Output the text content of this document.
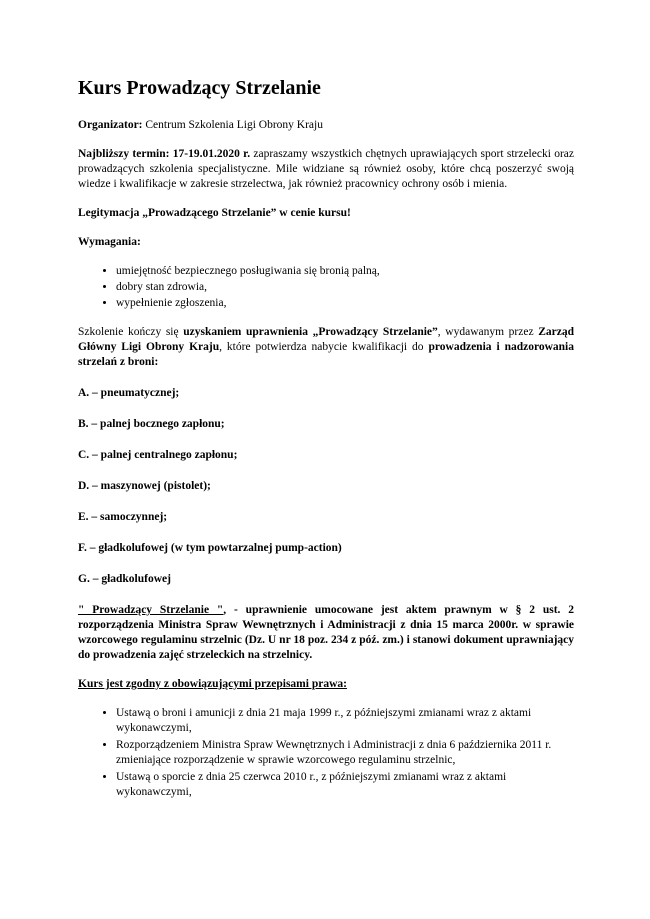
Kurs Prowadzący Strzelanie

Organizator: Centrum Szkolenia Ligi Obrony Kraju

Najbliższy termin: 17-19.01.2020 r. zapraszamy wszystkich chętnych uprawiających sport strzelecki oraz prowadzących szkolenia specjalistyczne. Mile widziane są również osoby, które chcą poszerzyć swoją wiedze i kwalifikacje w zakresie strzelectwa, jak również pracownicy ochrony osób i mienia.

Legitymacja „Prowadzącego Strzelanie” w cenie kursu!

Wymagania:

• umiejętność bezpiecznego posługiwania się bronią palną,
• dobry stan zdrowia,
• wypełnienie zgłoszenia,

Szkolenie kończy się uzyskaniem uprawnienia „Prowadzący Strzelanie”, wydawanym przez Zarząd Główny Ligi Obrony Kraju, które potwierdza nabycie kwalifikacji do prowadzenia i nadzorowania strzelań z broni:

A. – pneumatycznej;

B. – palnej bocznego zapłonu;

C. – palnej centralnego zapłonu;

D. – maszynowej (pistolet);

E. – samoczynnej;

F. – gładkolufowej (w tym powtarzalnej pump-action)

G. – gładkolufowej

" Prowadzący Strzelanie ", - uprawnienie umocowane jest aktem prawnym w § 2 ust. 2 rozporządzenia Ministra Spraw Wewnętrznych i Administracji z dnia 15 marca 2000r. w sprawie wzorcowego regulaminu strzelnic (Dz. U nr 18 poz. 234 z póź. zm.) i stanowi dokument uprawniający do prowadzenia zajęć strzeleckich na strzelnicy.

Kurs jest zgodny z obowiązującymi przepisami prawa:

• Ustawą o broni i amunicji z dnia 21 maja 1999 r., z późniejszymi zmianami wraz z aktami wykonawczymi,
• Rozporządzeniem Ministra Spraw Wewnętrznych i Administracji z dnia 6 października 2011 r. zmieniające rozporządzenie w sprawie wzorcowego regulaminu strzelnic,
• Ustawą o sporcie z dnia 25 czerwca 2010 r., z późniejszymi zmianami wraz z aktami wykonawczymi,
